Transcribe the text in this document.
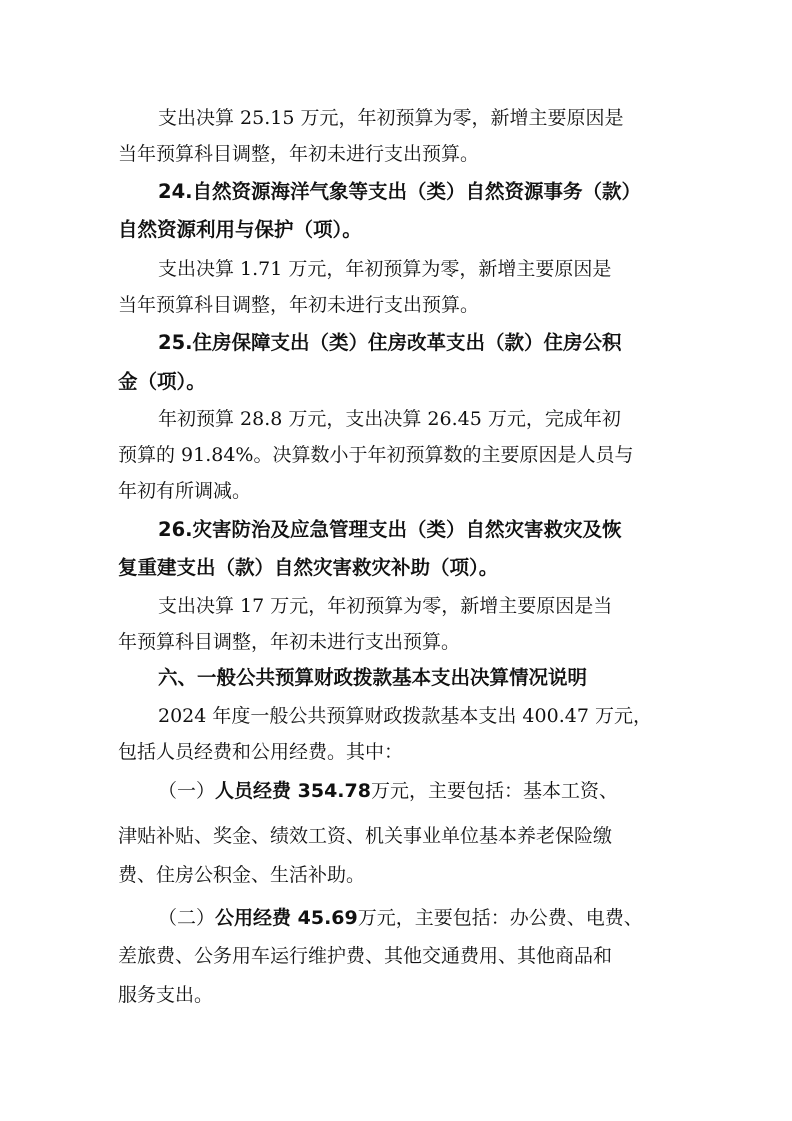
支出决算 25.15 万元，年初预算为零，新增主要原因是
当年预算科目调整，年初未进行支出预算。
24.自然资源海洋气象等支出（类）自然资源事务（款）
自然资源利用与保护（项）。
支出决算 1.71 万元，年初预算为零，新增主要原因是
当年预算科目调整，年初未进行支出预算。
25.住房保障支出（类）住房改革支出（款）住房公积
金（项）。
年初预算 28.8 万元，支出决算 26.45 万元，完成年初
预算的 91.84%。决算数小于年初预算数的主要原因是人员与
年初有所调减。
26.灾害防治及应急管理支出（类）自然灾害救灾及恢
复重建支出（款）自然灾害救灾补助（项）。
支出决算 17 万元，年初预算为零，新增主要原因是当
年预算科目调整，年初未进行支出预算。
六、一般公共预算财政拨款基本支出决算情况说明
2024 年度一般公共预算财政拨款基本支出 400.47 万元，
包括人员经费和公用经费。其中：
（一）人员经费 354.78万元，主要包括：基本工资、
津贴补贴、奖金、绩效工资、机关事业单位基本养老保险缴
费、住房公积金、生活补助。
（二）公用经费 45.69万元，主要包括：办公费、电费、
差旅费、公务用车运行维护费、其他交通费用、其他商品和
服务支出。
